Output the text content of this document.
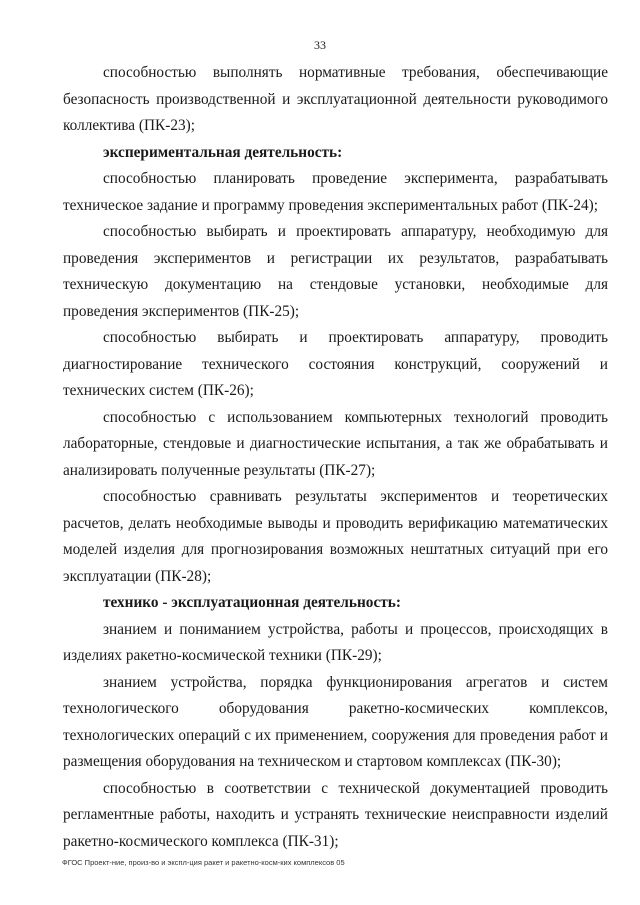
33

способностью выполнять нормативные требования, обеспечивающие безопасность производственной и эксплуатационной деятельности руководимого коллектива (ПК-23);

экспериментальная деятельность:

способностью планировать проведение эксперимента, разрабатывать техническое задание и программу проведения экспериментальных работ (ПК-24);

способностью выбирать и проектировать аппаратуру, необходимую для проведения экспериментов и регистрации их результатов, разрабатывать техническую документацию на стендовые установки, необходимые для проведения экспериментов (ПК-25);

способностью выбирать и проектировать аппаратуру, проводить диагностирование технического состояния конструкций, сооружений и технических систем (ПК-26);

способностью с использованием компьютерных технологий проводить лабораторные, стендовые и диагностические испытания, а так же обрабатывать и анализировать полученные результаты (ПК-27);

способностью сравнивать результаты экспериментов и теоретических расчетов, делать необходимые выводы и проводить верификацию математических моделей изделия для прогнозирования возможных нештатных ситуаций при его эксплуатации (ПК-28);

технико - эксплуатационная деятельность:

знанием и пониманием устройства, работы и процессов, происходящих в изделиях ракетно-космической техники (ПК-29);

знанием устройства, порядка функционирования агрегатов и систем технологического оборудования ракетно-космических комплексов, технологических операций с их применением, сооружения для проведения работ и размещения оборудования на техническом и стартовом комплексах (ПК-30);

способностью в соответствии с технической документацией проводить регламентные работы, находить и устранять технические неисправности изделий ракетно-космического комплекса (ПК-31);

ФГОС Проект-ние, произ-во и экспл-ция ракет и ракетно-косм-ких комплексов 05
